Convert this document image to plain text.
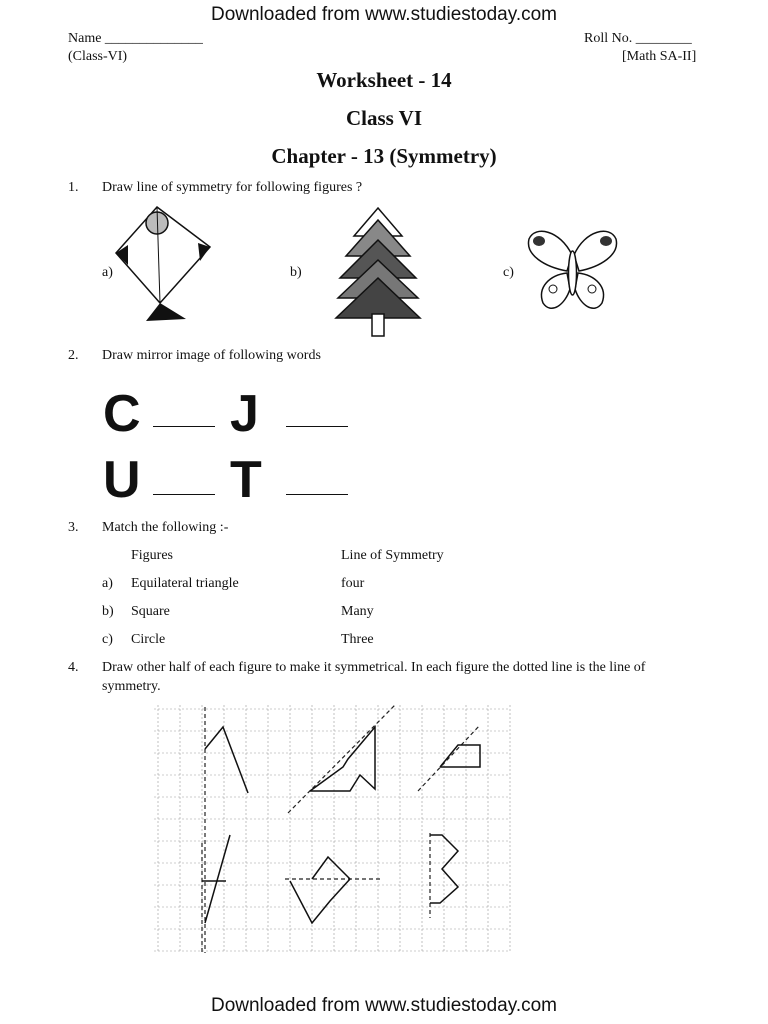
Downloaded from www.studiestoday.com
Name ______________	Roll No. ________
(Class-VI)	[Math SA-II]
Worksheet - 14
Class VI
Chapter - 13 (Symmetry)
1. Draw line of symmetry for following figures ?
a)	b)	c)
2. Draw mirror image of following words
C J
U T
3. Match the following :-
Figures	Line of Symmetry
a) Equilateral triangle	four
b) Square	Many
c) Circle	Three
4. Draw other half of each figure to make it symmetrical. In each figure the dotted line is the line of
symmetry.
Downloaded from www.studiestoday.com
